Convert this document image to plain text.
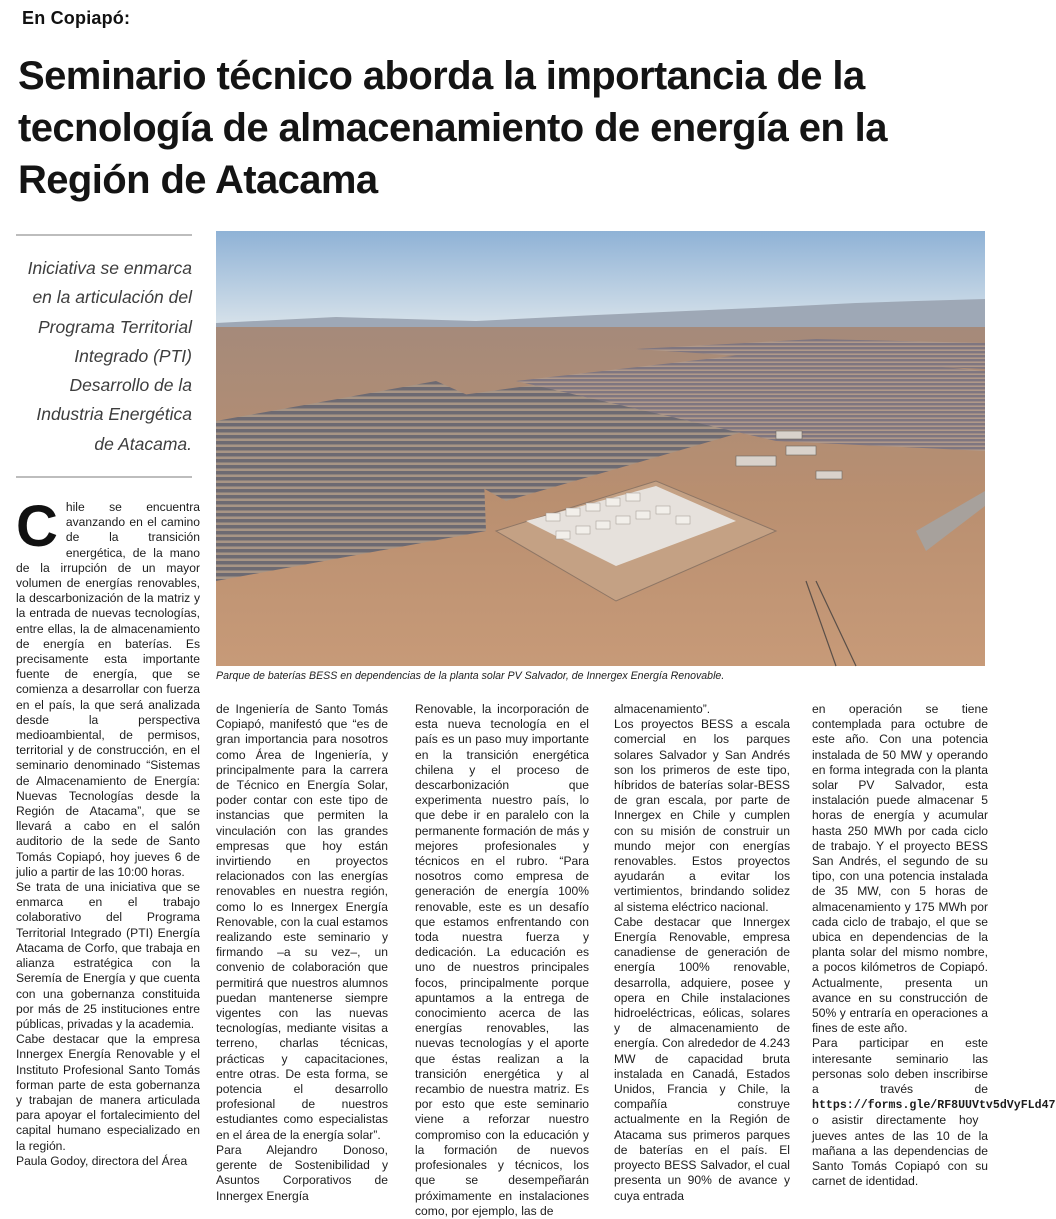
En Copiapó:
Seminario técnico aborda la importancia de la tecnología de almacenamiento de energía en la Región de Atacama
Iniciativa se enmarca en la articulación del Programa Territorial Integrado (PTI) Desarrollo de la Industria Energética de Atacama.
Parque de baterías BESS en dependencias de la planta solar PV Salvador, de Innergex Energía Renovable.
C hile se encuentra avanzando en el camino de la transición energética, de la mano de la irrupción de un mayor volumen de energías renovables, la descarbonización de la matriz y la entrada de nuevas tecnologías, entre ellas, la de almacenamiento de energía en baterías. Es precisamente esta importante fuente de energía, que se comienza a desarrollar con fuerza en el país, la que será analizada desde la perspectiva medioambiental, de permisos, territorial y de construcción, en el seminario denominado “Sistemas de Almacenamiento de Energía: Nuevas Tecnologías desde la Región de Atacama”, que se llevará a cabo en el salón auditorio de la sede de Santo Tomás Copiapó, hoy jueves 6 de julio a partir de las 10:00 horas.

Se trata de una iniciativa que se enmarca en el trabajo colaborativo del Programa Territorial Integrado (PTI) Energía Atacama de Corfo, que trabaja en alianza estratégica con la Seremía de Energía y que cuenta con una gobernanza constituida por más de 25 instituciones entre públicas, privadas y la academia.

Cabe destacar que la empresa Innergex Energía Renovable y el Instituto Profesional Santo Tomás forman parte de esta gobernanza y trabajan de manera articulada para apoyar el fortalecimiento del capital humano especializado en la región.

Paula Godoy, directora del Área

de Ingeniería de Santo Tomás Copiapó, manifestó que “es de gran importancia para nosotros como Área de Ingeniería, y principalmente para la carrera de Técnico en Energía Solar, poder contar con este tipo de instancias que permiten la vinculación con las grandes empresas que hoy están invirtiendo en proyectos relacionados con las energías renovables en nuestra región, como lo es Innergex Energía Renovable, con la cual estamos realizando este seminario y firmando –a su vez–, un convenio de colaboración que permitirá que nuestros alumnos puedan mantenerse siempre vigentes con las nuevas tecnologías, mediante visitas a terreno, charlas técnicas, prácticas y capacitaciones, entre otras. De esta forma, se potencia el desarrollo profesional de nuestros estudiantes como especialistas en el área de la energía solar”.

Para Alejandro Donoso, gerente de Sostenibilidad y Asuntos Corporativos de Innergex Energía

Renovable, la incorporación de esta nueva tecnología en el país es un paso muy importante en la transición energética chilena y el proceso de descarbonización que experimenta nuestro país, lo que debe ir en paralelo con la permanente formación de más y mejores profesionales y técnicos en el rubro. “Para nosotros como empresa de generación de energía 100% renovable, este es un desafío que estamos enfrentando con toda nuestra fuerza y dedicación. La educación es uno de nuestros principales focos, principalmente porque apuntamos a la entrega de conocimiento acerca de las energías renovables, las nuevas tecnologías y el aporte que éstas realizan a la transición energética y al recambio de nuestra matriz. Es por esto que este seminario viene a reforzar nuestro compromiso con la educación y la formación de nuevos profesionales y técnicos, los que se desempeñarán próximamente en instalaciones como, por ejemplo, las de

almacenamiento”.

Los proyectos BESS a escala comercial en los parques solares Salvador y San Andrés son los primeros de este tipo, híbridos de baterías solar-BESS de gran escala, por parte de Innergex en Chile y cumplen con su misión de construir un mundo mejor con energías renovables. Estos proyectos ayudarán a evitar los vertimientos, brindando solidez al sistema eléctrico nacional.

Cabe destacar que Innergex Energía Renovable, empresa canadiense de generación de energía 100% renovable, desarrolla, adquiere, posee y opera en Chile instalaciones hidroeléctricas, eólicas, solares y de almacenamiento de energía. Con alrededor de 4.243 MW de capacidad bruta instalada en Canadá, Estados Unidos, Francia y Chile, la compañía construye actualmente en la Región de Atacama sus primeros parques de baterías en el país. El proyecto BESS Salvador, el cual presenta un 90% de avance y cuya entrada

en operación se tiene contemplada para octubre de este año. Con una potencia instalada de 50 MW y operando en forma integrada con la planta solar PV Salvador, esta instalación puede almacenar 5 horas de energía y acumular hasta 250 MWh por cada ciclo de trabajo. Y el proyecto BESS San Andrés, el segundo de su tipo, con una potencia instalada de 35 MW, con 5 horas de almacenamiento y 175 MWh por cada ciclo de trabajo, el que se ubica en dependencias de la planta solar del mismo nombre, a pocos kilómetros de Copiapó. Actualmente, presenta un avance en su construcción de 50% y entraría en operaciones a fines de este año.

Para participar en este interesante seminario las personas solo deben inscribirse a través de https://forms.gle/RF8UUVtv5dVyFLd47 o asistir directamente hoy jueves antes de las 10 de la mañana a las dependencias de Santo Tomás Copiapó con su carnet de identidad.
